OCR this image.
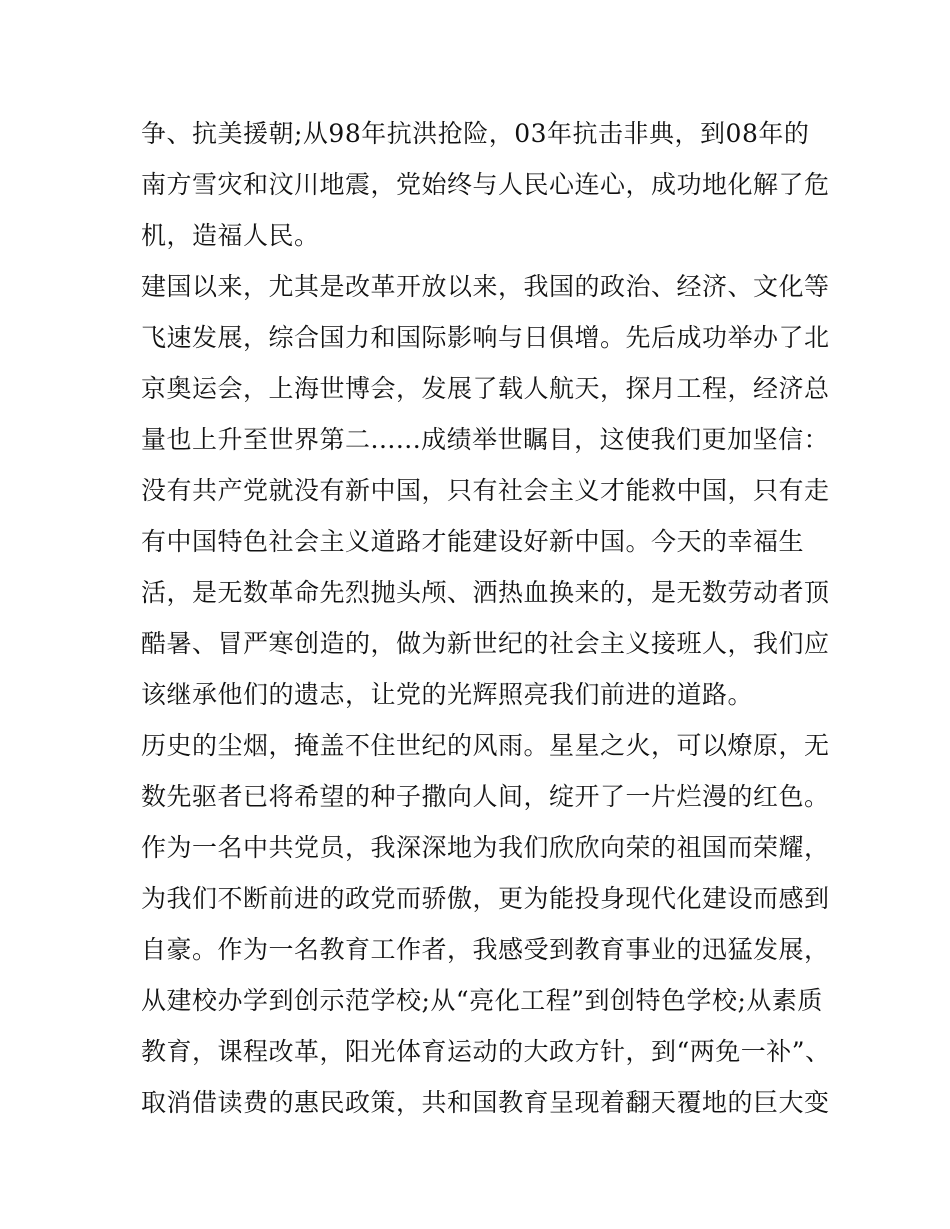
争、抗美援朝;从98年抗洪抢险，03年抗击非典，到08年的
南方雪灾和汶川地震，党始终与人民心连心，成功地化解了危
机，造福人民。
建国以来，尤其是改革开放以来，我国的政治、经济、文化等
飞速发展，综合国力和国际影响与日俱增。先后成功举办了北
京奥运会，上海世博会，发展了载人航天，探月工程，经济总
量也上升至世界第二......成绩举世瞩目，这使我们更加坚信：
没有共产党就没有新中国，只有社会主义才能救中国，只有走
有中国特色社会主义道路才能建设好新中国。今天的幸福生
活，是无数革命先烈抛头颅、洒热血换来的，是无数劳动者顶
酷暑、冒严寒创造的，做为新世纪的社会主义接班人，我们应
该继承他们的遗志，让党的光辉照亮我们前进的道路。
历史的尘烟，掩盖不住世纪的风雨。星星之火，可以燎原，无
数先驱者已将希望的种子撒向人间，绽开了一片烂漫的红色。
作为一名中共党员，我深深地为我们欣欣向荣的祖国而荣耀，
为我们不断前进的政党而骄傲，更为能投身现代化建设而感到
自豪。作为一名教育工作者，我感受到教育事业的迅猛发展，
从建校办学到创示范学校;从“亮化工程”到创特色学校;从素质
教育，课程改革，阳光体育运动的大政方针，到“两免一补”、
取消借读费的惠民政策，共和国教育呈现着翻天覆地的巨大变
